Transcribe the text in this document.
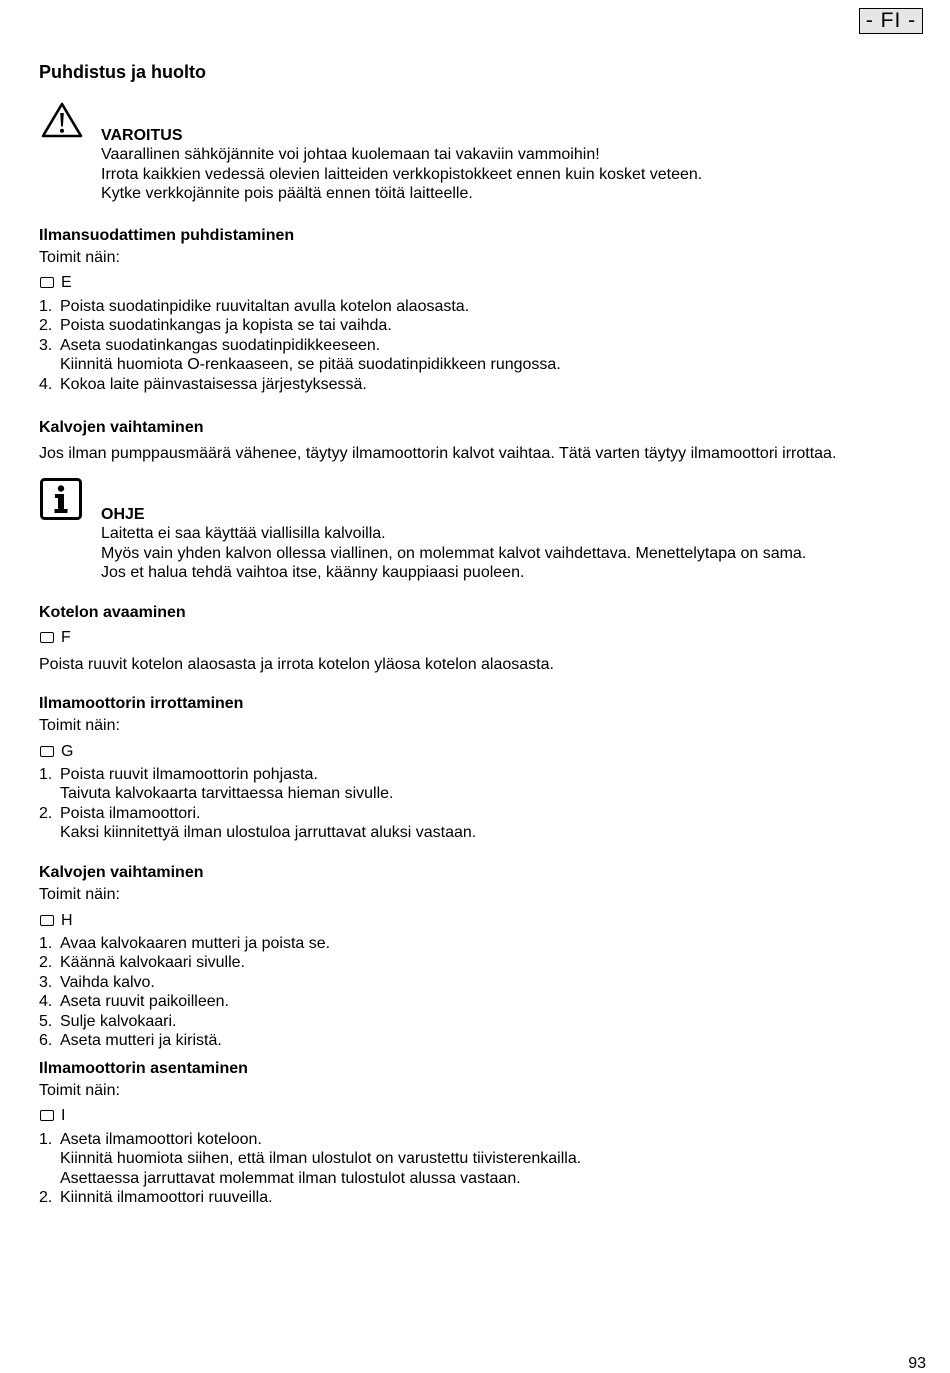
- FI -
Puhdistus ja huolto
VAROITUS
Vaarallinen sähköjännite voi johtaa kuolemaan tai vakaviin vammoihin!
Irrota kaikkien vedessä olevien laitteiden verkkopistokkeet ennen kuin kosket veteen.
Kytke verkkojännite pois päältä ennen töitä laitteelle.
Ilmansuodattimen puhdistaminen
Toimit näin:
E
1. Poista suodatinpidike ruuvitaltan avulla kotelon alaosasta.
2. Poista suodatinkangas ja kopista se tai vaihda.
3. Aseta suodatinkangas suodatinpidikkeeseen.
Kiinnitä huomiota O-renkaaseen, se pitää suodatinpidikkeen rungossa.
4. Kokoa laite päinvastaisessa järjestyksessä.
Kalvojen vaihtaminen
Jos ilman pumppausmäärä vähenee, täytyy ilmamoottorin kalvot vaihtaa. Tätä varten täytyy ilmamoottori irrottaa.
OHJE
Laitetta ei saa käyttää viallisilla kalvoilla.
Myös vain yhden kalvon ollessa viallinen, on molemmat kalvot vaihdettava. Menettelytapa on sama.
Jos et halua tehdä vaihtoa itse, käänny kauppiaasi puoleen.
Kotelon avaaminen
F
Poista ruuvit kotelon alaosasta ja irrota kotelon yläosa kotelon alaosasta.
Ilmamoottorin irrottaminen
Toimit näin:
G
1. Poista ruuvit ilmamoottorin pohjasta.
Taivuta kalvokaarta tarvittaessa hieman sivulle.
2. Poista ilmamoottori.
Kaksi kiinnitettyä ilman ulostuloa jarruttavat aluksi vastaan.
Kalvojen vaihtaminen
Toimit näin:
H
1. Avaa kalvokaaren mutteri ja poista se.
2. Käännä kalvokaari sivulle.
3. Vaihda kalvo.
4. Aseta ruuvit paikoilleen.
5. Sulje kalvokaari.
6. Aseta mutteri ja kiristä.
Ilmamoottorin asentaminen
Toimit näin:
I
1. Aseta ilmamoottori koteloon.
Kiinnitä huomiota siihen, että ilman ulostulot on varustettu tiivisterenkailla.
Asettaessa jarruttavat molemmat ilman tulostulot alussa vastaan.
2. Kiinnitä ilmamoottori ruuveilla.
93
